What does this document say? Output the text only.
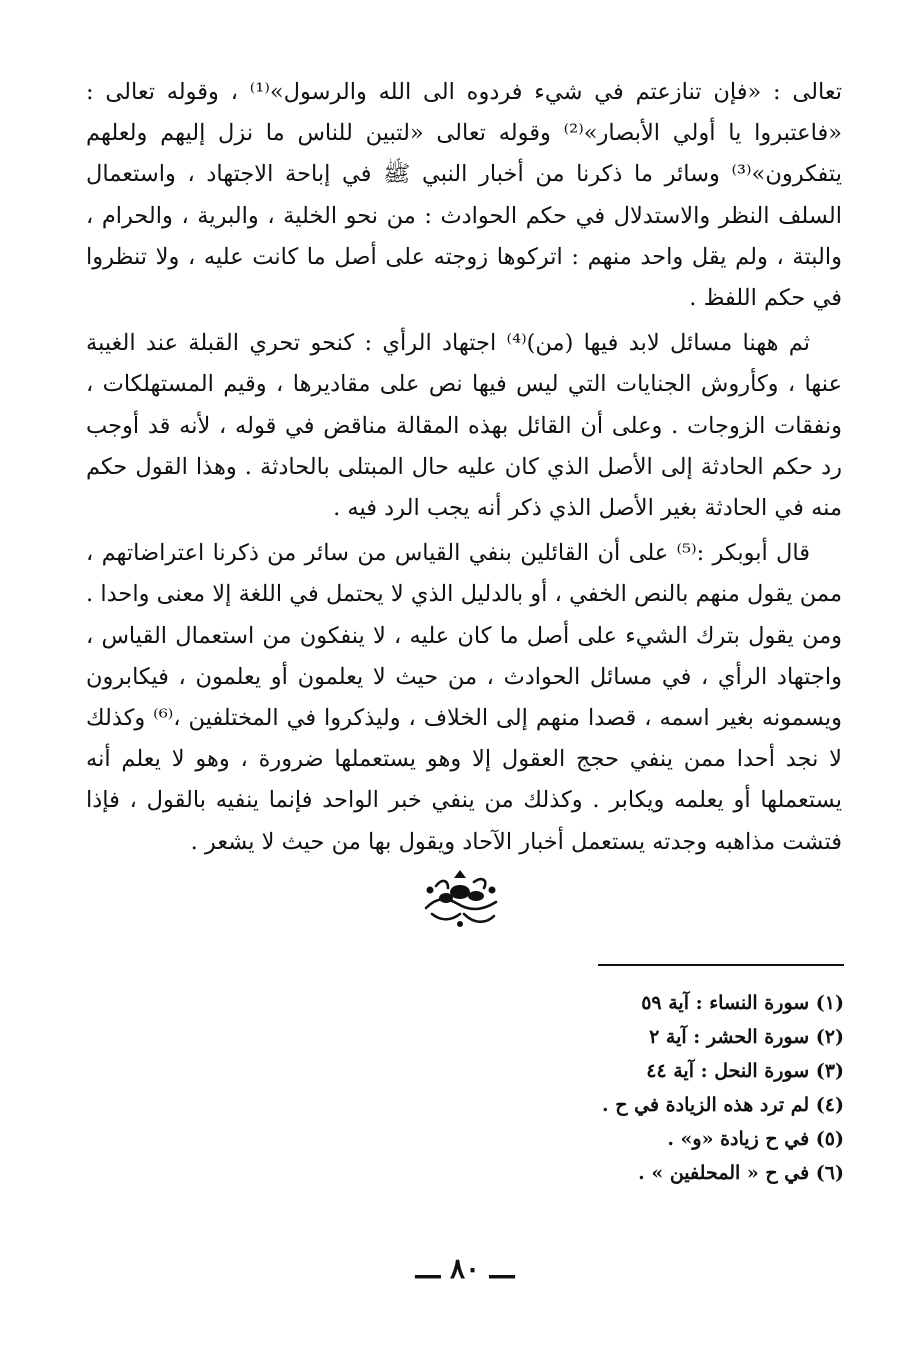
تعالى : «فإن تنازعتم في شيء فردوه الى الله والرسول»⁽¹⁾ ، وقوله تعالى : «فاعتبروا يا أولي الأبصار»⁽²⁾ وقوله تعالى «لتبين للناس ما نزل إليهم ولعلهم يتفكرون»⁽³⁾ وسائر ما ذكرنا من أخبار النبي ﷺ في إباحة الاجتهاد ، واستعمال السلف النظر والاستدلال في حكم الحوادث : من نحو الخلية ، والبرية ، والحرام ، والبتة ، ولم يقل واحد منهم : اتركوها زوجته على أصل ما كانت عليه ، ولا تنظروا في حكم اللفظ .

ثم ههنا مسائل لابد فيها (من)⁽⁴⁾ اجتهاد الرأي : كنحو تحري القبلة عند الغيبة عنها ، وكأروش الجنايات التي ليس فيها نص على مقاديرها ، وقيم المستهلكات ، ونفقات الزوجات . وعلى أن القائل بهذه المقالة مناقض في قوله ، لأنه قد أوجب رد حكم الحادثة إلى الأصل الذي كان عليه حال المبتلى بالحادثة . وهذا القول حكم منه في الحادثة بغير الأصل الذي ذكر أنه يجب الرد فيه .

قال أبوبكر :⁽⁵⁾ على أن القائلين بنفي القياس من سائر من ذكرنا اعتراضاتهم ، ممن يقول منهم بالنص الخفي ، أو بالدليل الذي لا يحتمل في اللغة إلا معنى واحدا . ومن يقول بترك الشيء على أصل ما كان عليه ، لا ينفكون من استعمال القياس ، واجتهاد الرأي ، في مسائل الحوادث ، من حيث لا يعلمون أو يعلمون ، فيكابرون ويسمونه بغير اسمه ، قصدا منهم إلى الخلاف ، وليذكروا في المختلفين ،⁽⁶⁾ وكذلك لا نجد أحدا ممن ينفي حجج العقول إلا وهو يستعملها ضرورة ، وهو لا يعلم أنه يستعملها أو يعلمه ويكابر . وكذلك من ينفي خبر الواحد فإنما ينفيه بالقول ، فإذا فتشت مذاهبه وجدته يستعمل أخبار الآحاد ويقول بها من حيث لا يشعر .

(١) سورة النساء : آية ٥٩
(٢) سورة الحشر : آية ٢
(٣) سورة النحل : آية ٤٤
(٤) لم ترد هذه الزيادة في ح .
(٥) في ح زيادة «و» .
(٦) في ح « المحلفين » .
ـــ ٨٠ ـــ
